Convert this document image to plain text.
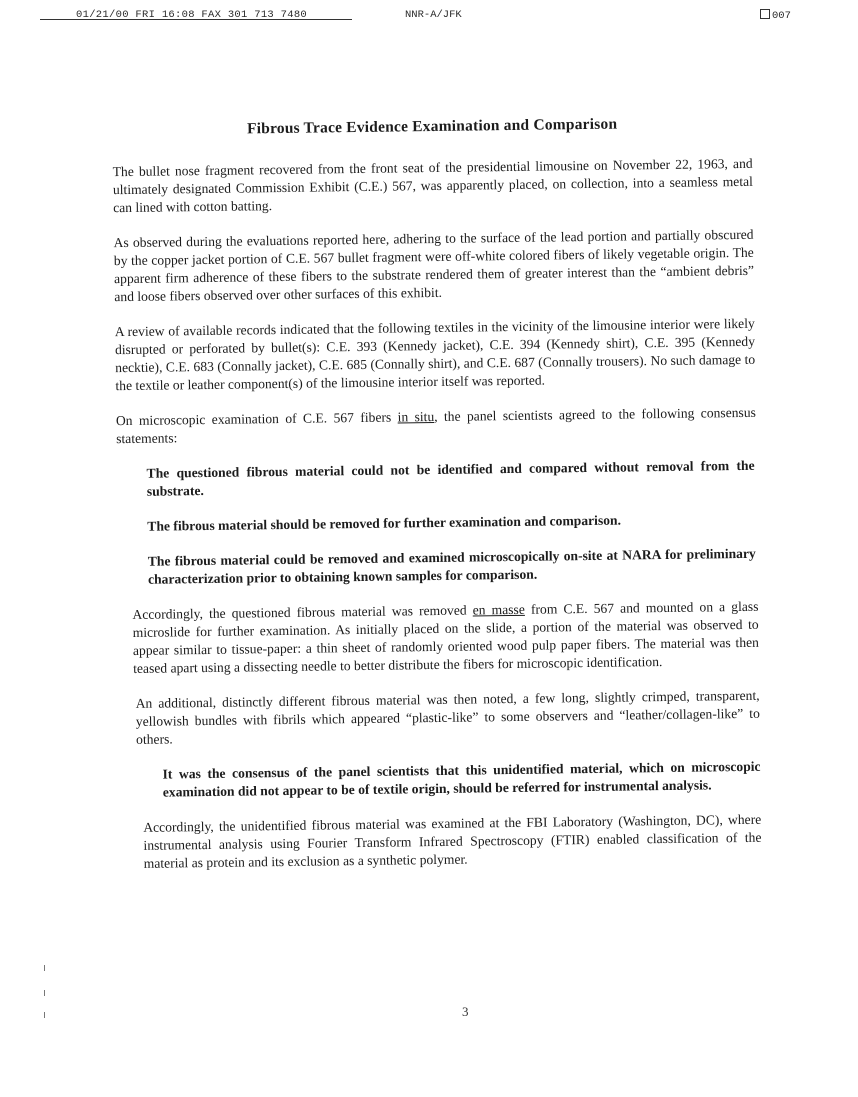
01/21/00 FRI 16:08 FAX 301 713 7480	NNR-A/JFK	007
Fibrous Trace Evidence Examination and Comparison

The bullet nose fragment recovered from the front seat of the presidential limousine on November 22, 1963, and ultimately designated Commission Exhibit (C.E.) 567, was apparently placed, on collection, into a seamless metal can lined with cotton batting.

As observed during the evaluations reported here, adhering to the surface of the lead portion and partially obscured by the copper jacket portion of C.E. 567 bullet fragment were off-white colored fibers of likely vegetable origin. The apparent firm adherence of these fibers to the substrate rendered them of greater interest than the “ambient debris” and loose fibers observed over other surfaces of this exhibit.

A review of available records indicated that the following textiles in the vicinity of the limousine interior were likely disrupted or perforated by bullet(s): C.E. 393 (Kennedy jacket), C.E. 394 (Kennedy shirt), C.E. 395 (Kennedy necktie), C.E. 683 (Connally jacket), C.E. 685 (Connally shirt), and C.E. 687 (Connally trousers). No such damage to the textile or leather component(s) of the limousine interior itself was reported.

On microscopic examination of C.E. 567 fibers in situ, the panel scientists agreed to the following consensus statements:

The questioned fibrous material could not be identified and compared without removal from the substrate.

The fibrous material should be removed for further examination and comparison.

The fibrous material could be removed and examined microscopically on-site at NARA for preliminary characterization prior to obtaining known samples for comparison.

Accordingly, the questioned fibrous material was removed en masse from C.E. 567 and mounted on a glass microslide for further examination. As initially placed on the slide, a portion of the material was observed to appear similar to tissue-paper: a thin sheet of randomly oriented wood pulp paper fibers. The material was then teased apart using a dissecting needle to better distribute the fibers for microscopic identification.

An additional, distinctly different fibrous material was then noted, a few long, slightly crimped, transparent, yellowish bundles with fibrils which appeared “plastic-like” to some observers and “leather/collagen-like” to others.

It was the consensus of the panel scientists that this unidentified material, which on microscopic examination did not appear to be of textile origin, should be referred for instrumental analysis.

Accordingly, the unidentified fibrous material was examined at the FBI Laboratory (Washington, DC), where instrumental analysis using Fourier Transform Infrared Spectroscopy (FTIR) enabled classification of the material as protein and its exclusion as a synthetic polymer.

3
